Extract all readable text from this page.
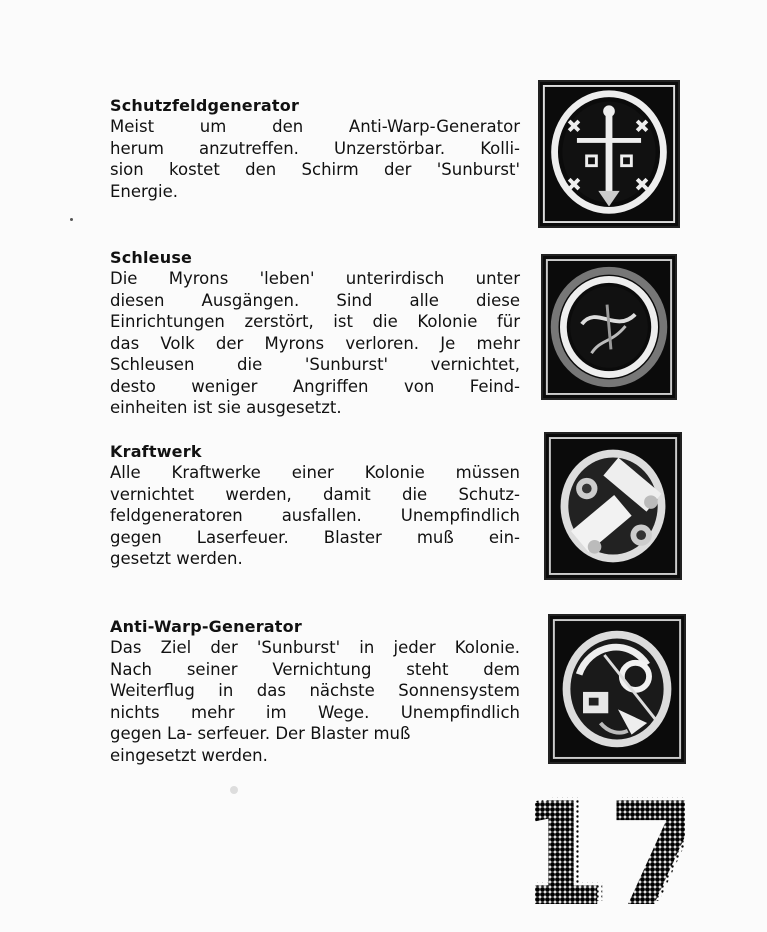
Schutzfeldgenerator

Meist um den Anti-Warp-Generator
herum anzutreffen. Unzerstörbar. Kolli-
sion kostet den Schirm der 'Sunburst'
Energie.

Schleuse

Die Myrons 'leben' unterirdisch unter
diesen Ausgängen. Sind alle diese
Einrichtungen zerstört, ist die Kolonie für
das Volk der Myrons verloren. Je mehr
Schleusen die 'Sunburst' vernichtet,
desto weniger Angriffen von Feind-
einheiten ist sie ausgesetzt.

Kraftwerk

Alle Kraftwerke einer Kolonie müssen
vernichtet werden, damit die Schutz-
feldgeneratoren ausfallen. Unempfindlich
gegen Laserfeuer. Blaster muß ein-
gesetzt werden.

Anti-Warp-Generator

Das Ziel der 'Sunburst' in jeder Kolonie.
Nach seiner Vernichtung steht dem
Weiterflug in das nächste Sonnensystem
nichts mehr im Wege. Unempfindlich
gegen La- serfeuer. Der Blaster muß
eingesetzt werden.

17
17
